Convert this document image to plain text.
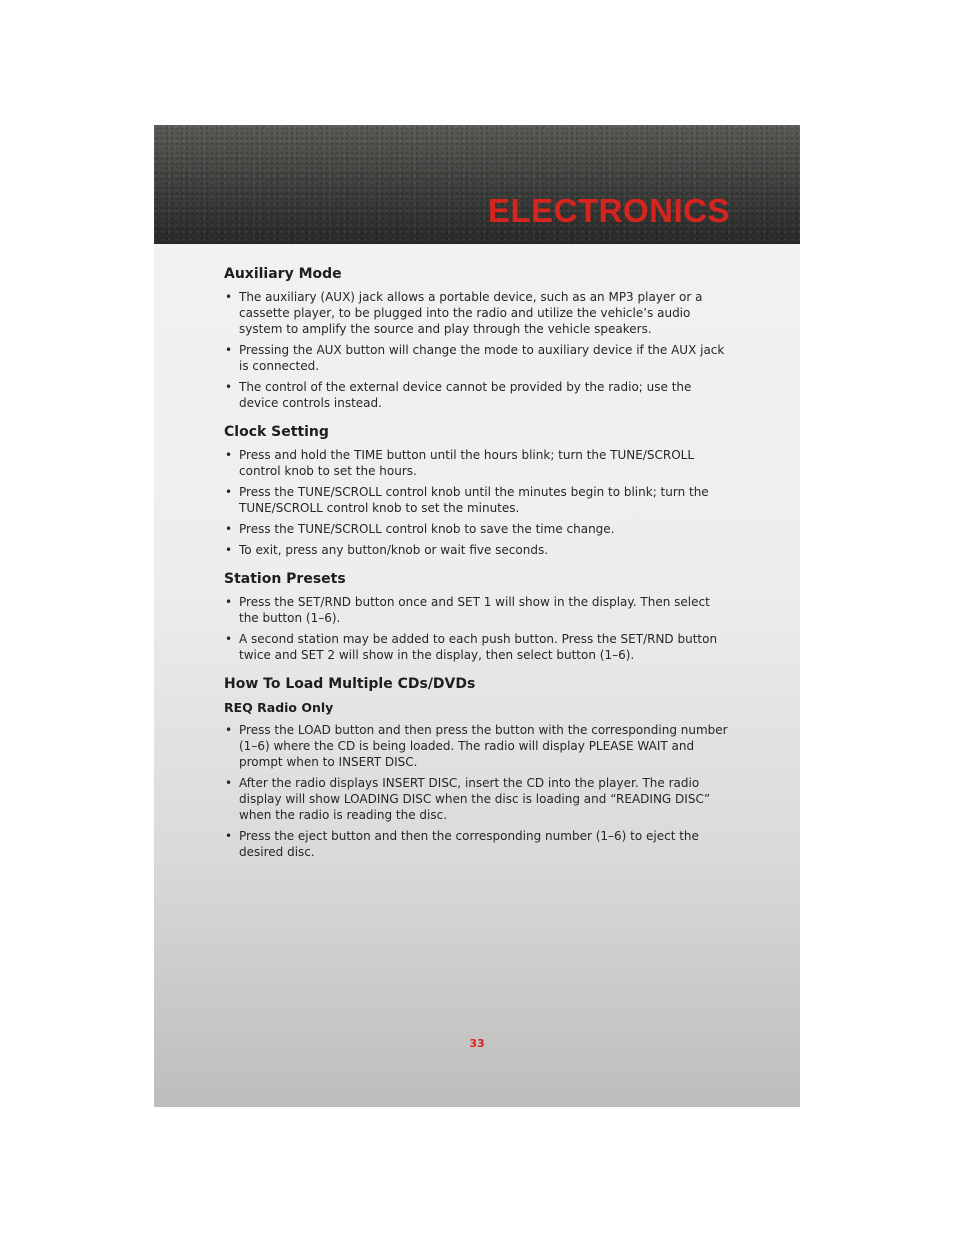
ELECTRONICS
Auxiliary Mode
• The auxiliary (AUX) jack allows a portable device, such as an MP3 player or a cassette player, to be plugged into the radio and utilize the vehicle’s audio system to amplify the source and play through the vehicle speakers.
• Pressing the AUX button will change the mode to auxiliary device if the AUX jack is connected.
• The control of the external device cannot be provided by the radio; use the device controls instead.
Clock Setting
• Press and hold the TIME button until the hours blink; turn the TUNE/SCROLL control knob to set the hours.
• Press the TUNE/SCROLL control knob until the minutes begin to blink; turn the TUNE/SCROLL control knob to set the minutes.
• Press the TUNE/SCROLL control knob to save the time change.
• To exit, press any button/knob or wait five seconds.
Station Presets
• Press the SET/RND button once and SET 1 will show in the display. Then select the button (1–6).
• A second station may be added to each push button. Press the SET/RND button twice and SET 2 will show in the display, then select button (1–6).
How To Load Multiple CDs/DVDs
REQ Radio Only
• Press the LOAD button and then press the button with the corresponding number (1–6) where the CD is being loaded. The radio will display PLEASE WAIT and prompt when to INSERT DISC.
• After the radio displays INSERT DISC, insert the CD into the player. The radio display will show LOADING DISC when the disc is loading and “READING DISC” when the radio is reading the disc.
• Press the eject button and then the corresponding number (1–6) to eject the desired disc.
33
